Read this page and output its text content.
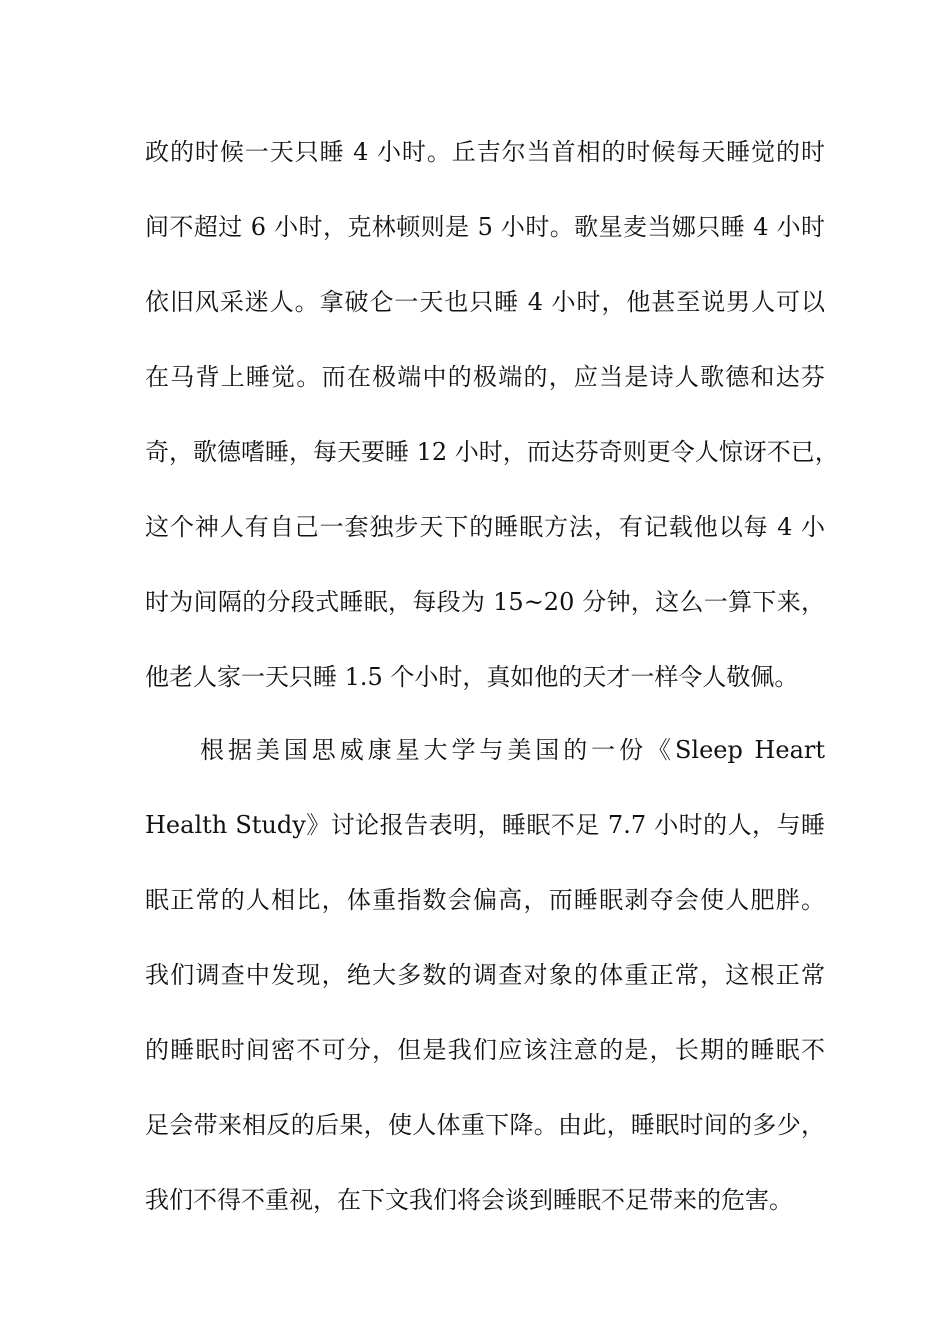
政的时候一天只睡 4 小时。丘吉尔当首相的时候每天睡觉的时
间不超过 6 小时，克林顿则是 5 小时。歌星麦当娜只睡 4 小时
依旧风采迷人。拿破仑一天也只睡 4 小时，他甚至说男人可以
在马背上睡觉。而在极端中的极端的，应当是诗人歌德和达芬
奇，歌德嗜睡，每天要睡 12 小时，而达芬奇则更令人惊讶不已，
这个神人有自己一套独步天下的睡眠方法，有记载他以每 4 小
时为间隔的分段式睡眠，每段为 15~20 分钟，这么一算下来，
他老人家一天只睡 1.5 个小时，真如他的天才一样令人敬佩。
根据美国思威康星大学与美国的一份《Sleep Heart
Health Study》讨论报告表明，睡眠不足 7.7 小时的人，与睡
眠正常的人相比，体重指数会偏高，而睡眠剥夺会使人肥胖。
我们调查中发现，绝大多数的调查对象的体重正常，这根正常
的睡眠时间密不可分，但是我们应该注意的是，长期的睡眠不
足会带来相反的后果，使人体重下降。由此，睡眠时间的多少，
我们不得不重视，在下文我们将会谈到睡眠不足带来的危害。
